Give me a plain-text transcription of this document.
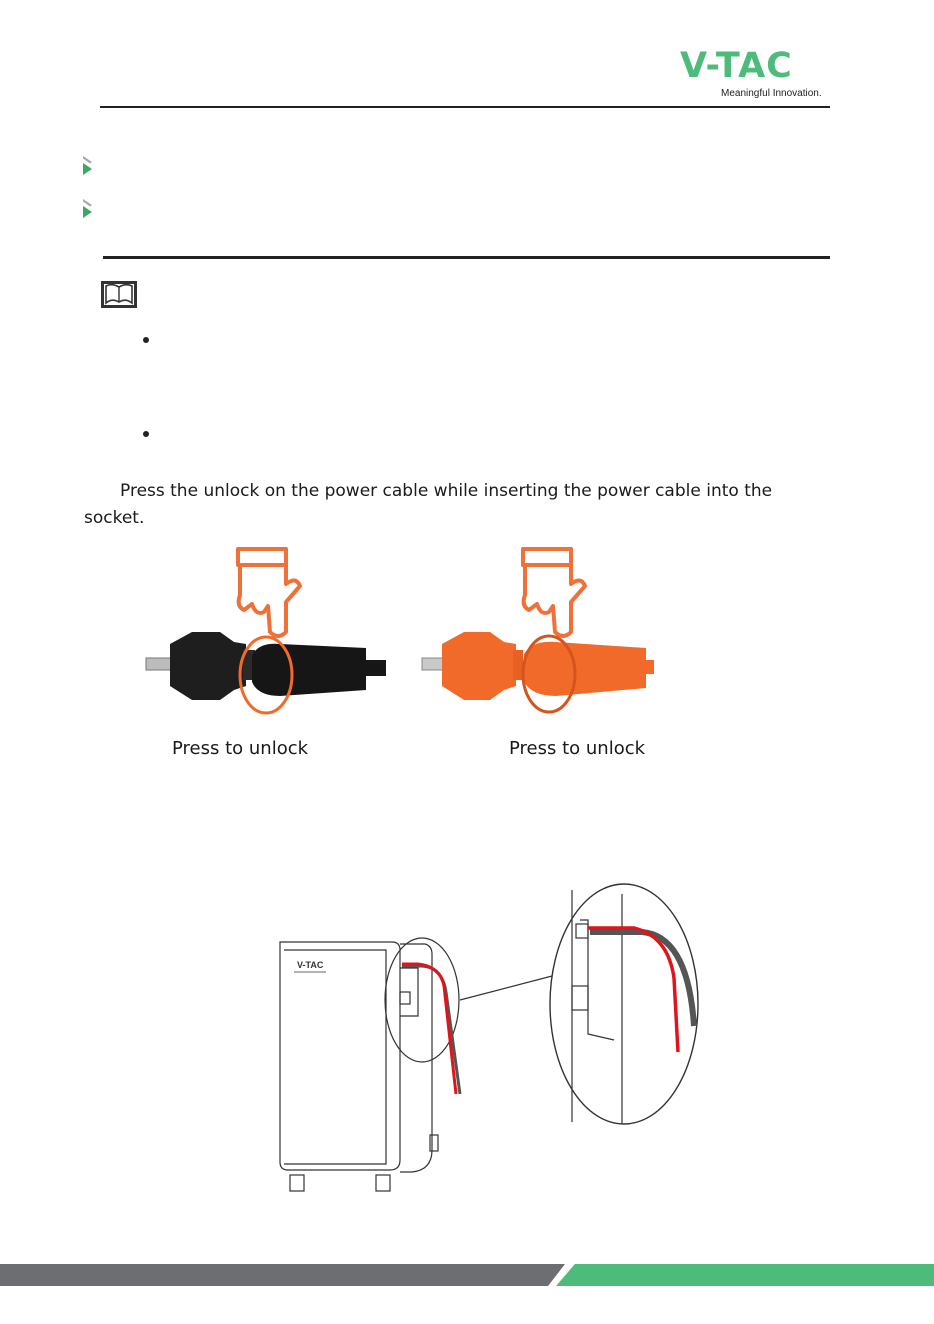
V-TAC
Meaningful Innovation.
Press the unlock on the power cable while inserting the power cable into the
socket.
Press to unlock	Press to unlock
V-TAC
